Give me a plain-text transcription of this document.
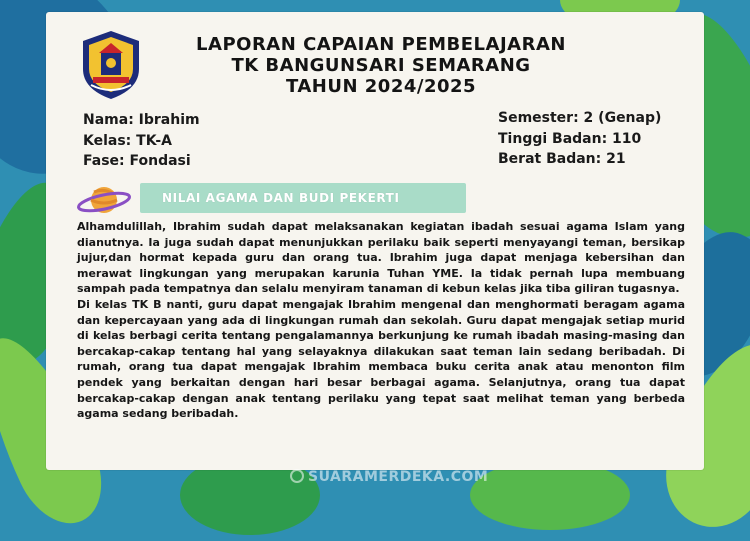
LAPORAN CAPAIAN PEMBELAJARAN
TK BANGUNSARI SEMARANG
TAHUN 2024/2025
Nama: Ibrahim
Kelas: TK-A
Fase: Fondasi
Semester: 2 (Genap)
Tinggi Badan: 110
Berat Badan: 21
NILAI AGAMA DAN BUDI PEKERTI

Alhamdulillah, Ibrahim sudah dapat melaksanakan kegiatan ibadah sesuai agama Islam yang dianutnya. Ia juga sudah dapat menunjukkan perilaku baik seperti menyayangi teman, bersikap jujur,dan hormat kepada guru dan orang tua. Ibrahim juga dapat menjaga kebersihan dan merawat lingkungan yang merupakan karunia Tuhan YME. Ia tidak pernah lupa membuang sampah pada tempatnya dan selalu menyiram tanaman di kebun kelas jika tiba giliran tugasnya.

Di kelas TK B nanti, guru dapat mengajak Ibrahim mengenal dan menghormati beragam agama dan kepercayaan yang ada di lingkungan rumah dan sekolah. Guru dapat mengajak setiap murid di kelas berbagi cerita tentang pengalamannya berkunjung ke rumah ibadah masing-masing dan bercakap-cakap tentang hal yang selayaknya dilakukan saat teman lain sedang beribadah. Di rumah, orang tua dapat mengajak Ibrahim membaca buku cerita anak atau menonton film pendek yang berkaitan dengan hari besar berbagai agama. Selanjutnya, orang tua dapat bercakap-cakap dengan anak tentang perilaku yang tepat saat melihat teman yang berbeda agama sedang beribadah.

SUARAMERDEKA.COM
